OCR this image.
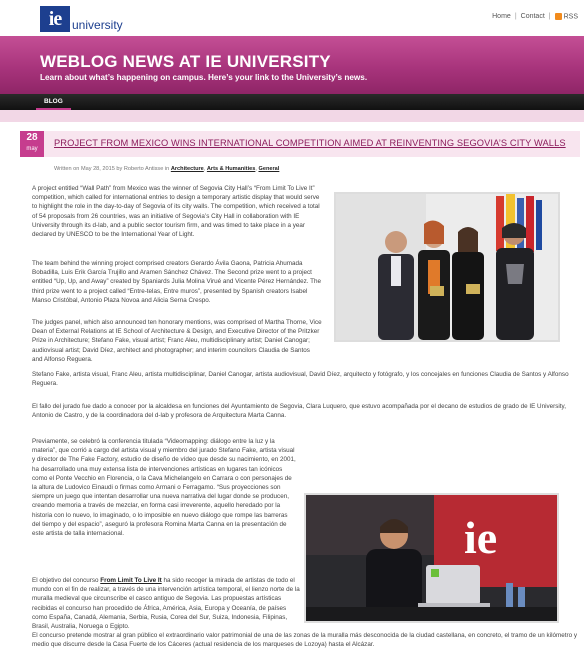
ie university
Home | Contact |	RSS
WEBLOG NEWS AT IE UNIVERSITY
Learn about what’s happening on campus. Here’s your link to the University’s news.
BLOG
28
may
PROJECT FROM MEXICO WINS INTERNATIONAL COMPETITION AIMED AT REINVENTING SEGOVIA’S CITY WALLS
Written on May 28, 2015 by Roberto Antisse in Architecture, Arts & Humanities, General

A project entitled “Wall Path” from Mexico was the winner of Segovia City Hall’s “From Limit To Live It” competition, which called for international entries to design a temporary artistic display that would serve to highlight the role in the day-to-day of Segovia of its city walls. The competition, which received a total of 54 proposals from 26 countries, was an initiative of Segovia’s City Hall in collaboration with IE University through its d-lab, and a public sector tourism firm, and was timed to take place in a year declared by UNESCO to be the International Year of Light.

The team behind the winning project comprised creators Gerardo Ávila Gaona, Patricia Ahumada Bobadilla, Luis Erik García Trujillo and Aramen Sánchez Chávez. The Second prize went to a project entitled “Up, Up, and Away” created by Spaniards Julia Molina Virué and Vicente Pérez Hernández. The third prize went to a project called “Entre-telas, Entre muros”, presented by Spanish creators Isabel Manso Cristóbal, Antonio Plaza Novoa and Alicia Serna Crespo.

The judges panel, which also announced ten honorary mentions, was comprised of Martha Thorne, Vice Dean of External Relations at IE School of Architecture & Design, and Executive Director of the Pritzker Prize in Architecture; Stefano Fake, visual artist; Franc Aleu, multidisciplinary artist; Daniel Canogar; audiovisual artist; David Díez, architect and photographer; and interim councilors Claudia de Santos and Alfonso Reguera.

Stefano Fake, artista visual, Franc Aleu, artista multidisciplinar, Daniel Canogar, artista audiovisual, David Díez, arquitecto y fotógrafo, y los concejales en funciones Claudia de Santos y Alfonso Reguera.

El fallo del jurado fue dado a conocer por la alcaldesa en funciones del Ayuntamiento de Segovia, Clara Luquero, que estuvo acompañada por el decano de estudios de grado de IE University, Antonio de Castro, y de la coordinadora del d-lab y profesora de Arquitectura Marta Canna.

Previamente, se celebró la conferencia titulada “Videomapping: diálogo entre la luz y la materia”, que corrió a cargo del artista visual y miembro del jurado Stefano Fake, artista visual y director de The Fake Factory, estudio de diseño de vídeo que desde su nacimiento, en 2001, ha desarrollado una muy extensa lista de intervenciones artísticas en lugares tan icónicos como el Ponte Vecchio en Florencia, o la Cava Michelangelo en Carrara o con personajes de la altura de Ludovico Einaudi o firmas como Armani o Ferragamo. “Sus proyecciones son siempre un juego que intentan desarrollar una nueva narrativa del lugar donde se producen, creando memoria a través de mezclar, en forma casi irreverente, aquello heredado por la historia con lo nuevo, lo imaginado, o lo imposible en nuevo diálogo que rompe las barreras del tiempo y del espacio”, aseguró la profesora Romina Marta Canna en la presentación de este artista de talla internacional.

El objetivo del concurso From Limit To Live It ha sido recoger la mirada de artistas de todo el mundo con el fin de realizar, a través de una intervención artística temporal, el lienzo norte de la muralla medieval que circunscribe el casco antiguo de Segovia. Las propuestas artísticas recibidas el concurso han procedido de África, América, Asia, Europa y Oceanía, de países como España, Canadá, Alemania, Serbia, Rusia, Corea del Sur, Suiza, Indonesia, Filipinas, Brasil, Australia, Noruega o Egipto.

El concurso pretende mostrar al gran público el extraordinario valor patrimonial de una de las zonas de la muralla más desconocida de la ciudad castellana, en concreto, el tramo de un kilómetro y medio que discurre desde la Casa Fuerte de los Cáceres (actual residencia de los marqueses de Lozoya) hasta el Alcázar.

ie
